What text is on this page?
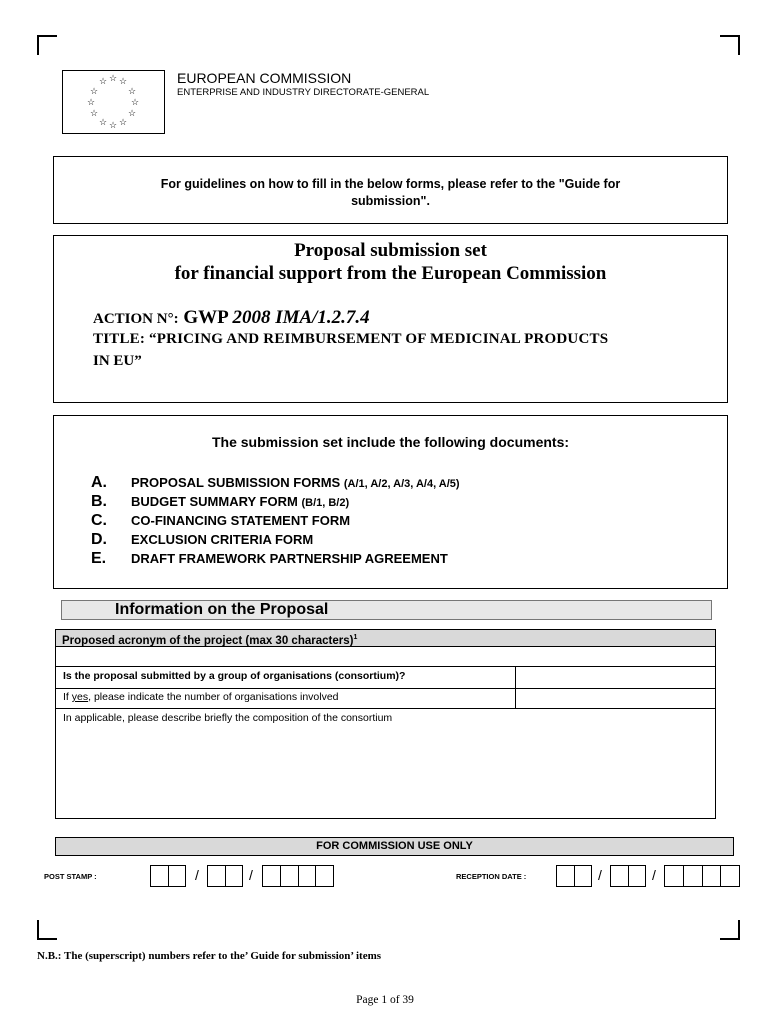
☆ ☆ ☆
☆	☆
☆	☆
☆	☆
☆ ☆ ☆
EUROPEAN COMMISSION
ENTERPRISE AND INDUSTRY DIRECTORATE-GENERAL
For guidelines on how to fill in the below forms, please refer to the "Guide for
submission".
Proposal submission set
for financial support from the European Commission
ACTION N°: GWP 2008 IMA/1.2.7.4
TITLE: “PRICING AND REIMBURSEMENT OF MEDICINAL PRODUCTS
IN EU”
The submission set include the following documents:
A. PROPOSAL SUBMISSION FORMS (A/1, A/2, A/3, A/4, A/5)
B. BUDGET SUMMARY FORM (B/1, B/2)
C. CO-FINANCING STATEMENT FORM
D. EXCLUSION CRITERIA FORM
E. DRAFT FRAMEWORK PARTNERSHIP AGREEMENT
Information on the Proposal
Proposed acronym of the project (max 30 characters)$^1$
Is the proposal submitted by a group of organisations (consortium)?
If yes, please indicate the number of organisations involved
In applicable, please describe briefly the composition of the consortium
FOR COMMISSION USE ONLY
POST STAMP :	/	/	RECEPTION DATE :	/	/
N.B.: The (superscript) numbers refer to the’ Guide for submission’ items
Page 1 of 39
